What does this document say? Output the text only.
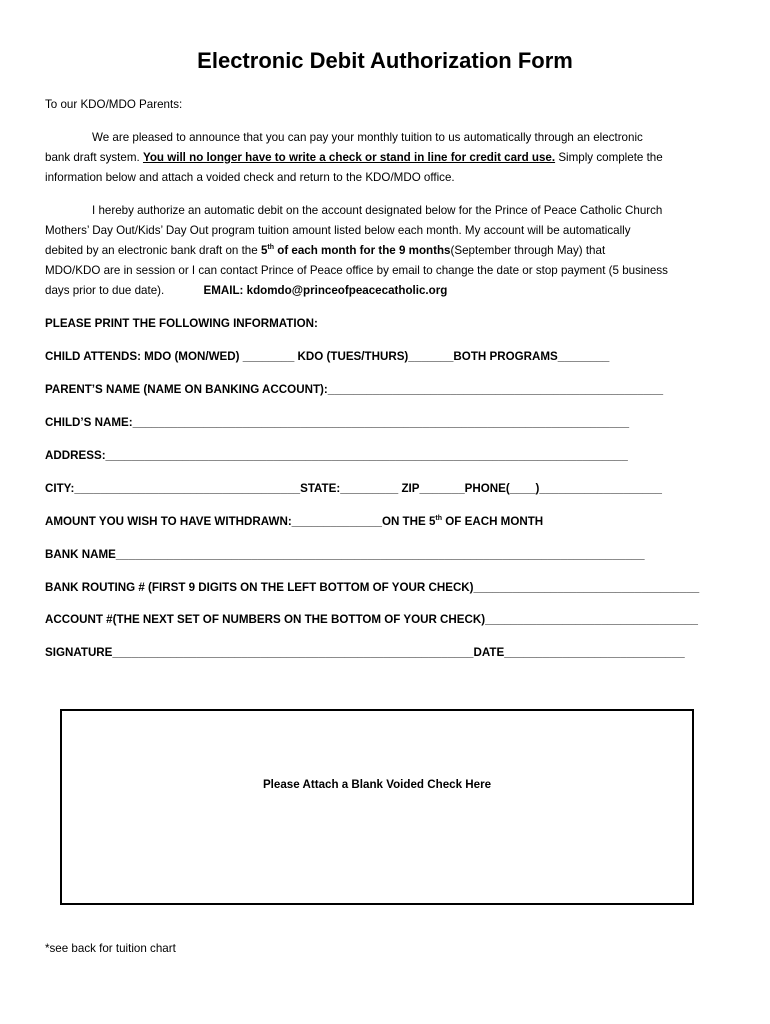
Electronic Debit Authorization Form
To our KDO/MDO Parents:
We are pleased to announce that you can pay your monthly tuition to us automatically through an electronic
bank draft system. You will no longer have to write a check or stand in line for credit card use. Simply complete the
information below and attach a voided check and return to the KDO/MDO office.
I hereby authorize an automatic debit on the account designated below for the Prince of Peace Catholic Church
Mothers’ Day Out/Kids’ Day Out program tuition amount listed below each month. My account will be automatically
debited by an electronic bank draft on the 5th of each month for the 9 months(September through May) that
MDO/KDO are in session or I can contact Prince of Peace office by email to change the date or stop payment (5 business
days prior to due date).	EMAIL: kdomdo@princeofpeacecatholic.org
PLEASE PRINT THE FOLLOWING INFORMATION:
CHILD ATTENDS: MDO (MON/WED) ________ KDO (TUES/THURS)_______BOTH PROGRAMS________
PARENT’S NAME (NAME ON BANKING ACCOUNT):____________________________________________________
CHILD’S NAME:_____________________________________________________________________________
ADDRESS:_________________________________________________________________________________
CITY:___________________________________STATE:_________ ZIP_______PHONE(____)___________________
AMOUNT YOU WISH TO HAVE WITHDRAWN:______________ON THE 5th OF EACH MONTH
BANK NAME__________________________________________________________________________________
BANK ROUTING # (FIRST 9 DIGITS ON THE LEFT BOTTOM OF YOUR CHECK)___________________________________
ACCOUNT #(THE NEXT SET OF NUMBERS ON THE BOTTOM OF YOUR CHECK)_________________________________
SIGNATURE________________________________________________________DATE____________________________
Please Attach a Blank Voided Check Here
*see back for tuition chart
